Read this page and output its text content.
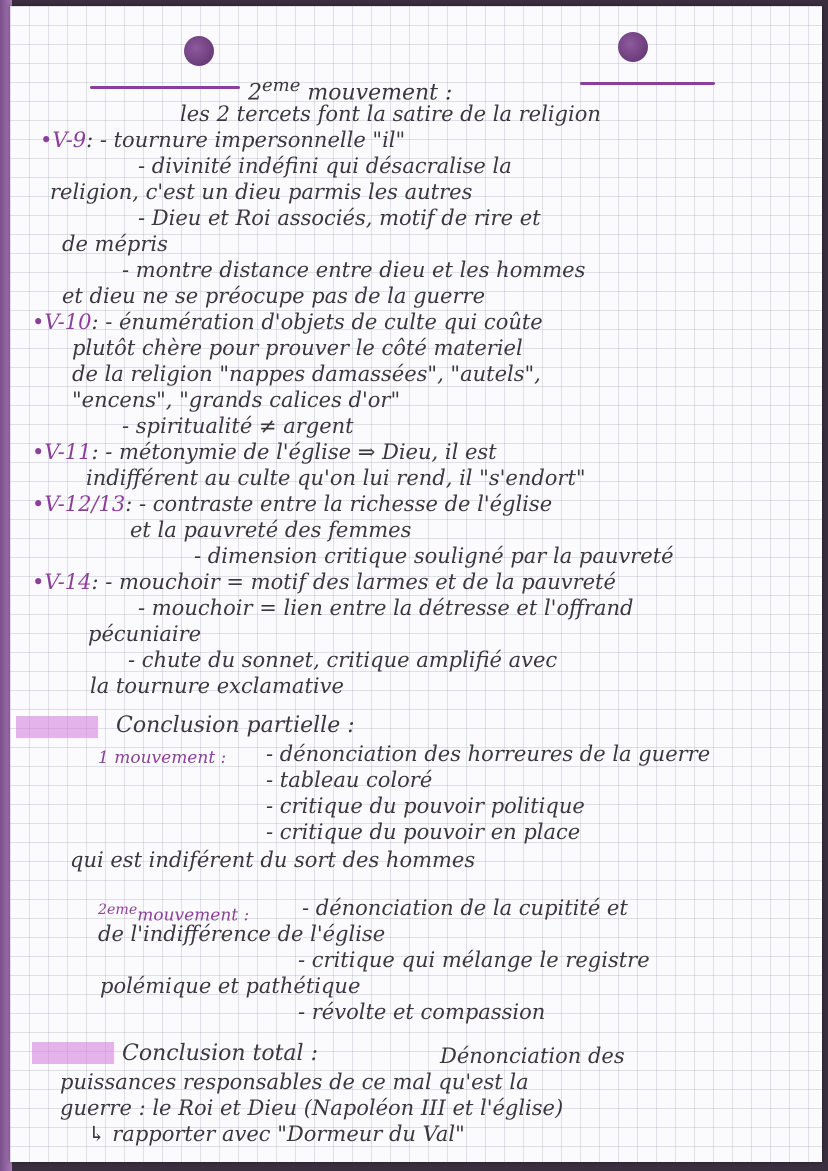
2eme mouvement :
les 2 tercets font la satire de la religion
•V-9: - tournure impersonnelle "il"
- divinité indéfini qui désacralise la
religion, c'est un dieu parmis les autres
- Dieu et Roi associés, motif de rire et
de mépris
- montre distance entre dieu et les hommes
et dieu ne se préocupe pas de la guerre
•V-10: - énumération d'objets de culte qui coûte
plutôt chère pour prouver le côté materiel
de la religion "nappes damassées", "autels",
"encens", "grands calices d'or"
- spiritualité ≠ argent
•V-11: - métonymie de l'église ⇒ Dieu, il est
indifférent au culte qu'on lui rend, il "s'endort"
•V-12/13: - contraste entre la richesse de l'église
et la pauvreté des femmes
- dimension critique souligné par la pauvreté
•V-14: - mouchoir = motif des larmes et de la pauvreté
- mouchoir = lien entre la détresse et l'offrand
pécuniaire
- chute du sonnet, critique amplifié avec
la tournure exclamative
Conclusion partielle :
1 mouvement : - dénonciation des horreures de la guerre
- tableau coloré
- critique du pouvoir politique
- critique du pouvoir en place
qui est indiférent du sort des hommes
$^{2eme}$mouvement :	- dénonciation de la cupitité et
de l'indifférence de l'église
- critique qui mélange le registre
polémique et pathétique
- révolte et compassion
Conclusion total :	Dénonciation des
puissances responsables de ce mal qu'est la
guerre : le Roi et Dieu (Napoléon III et l'église)
↳ rapporter avec "Dormeur du Val"
